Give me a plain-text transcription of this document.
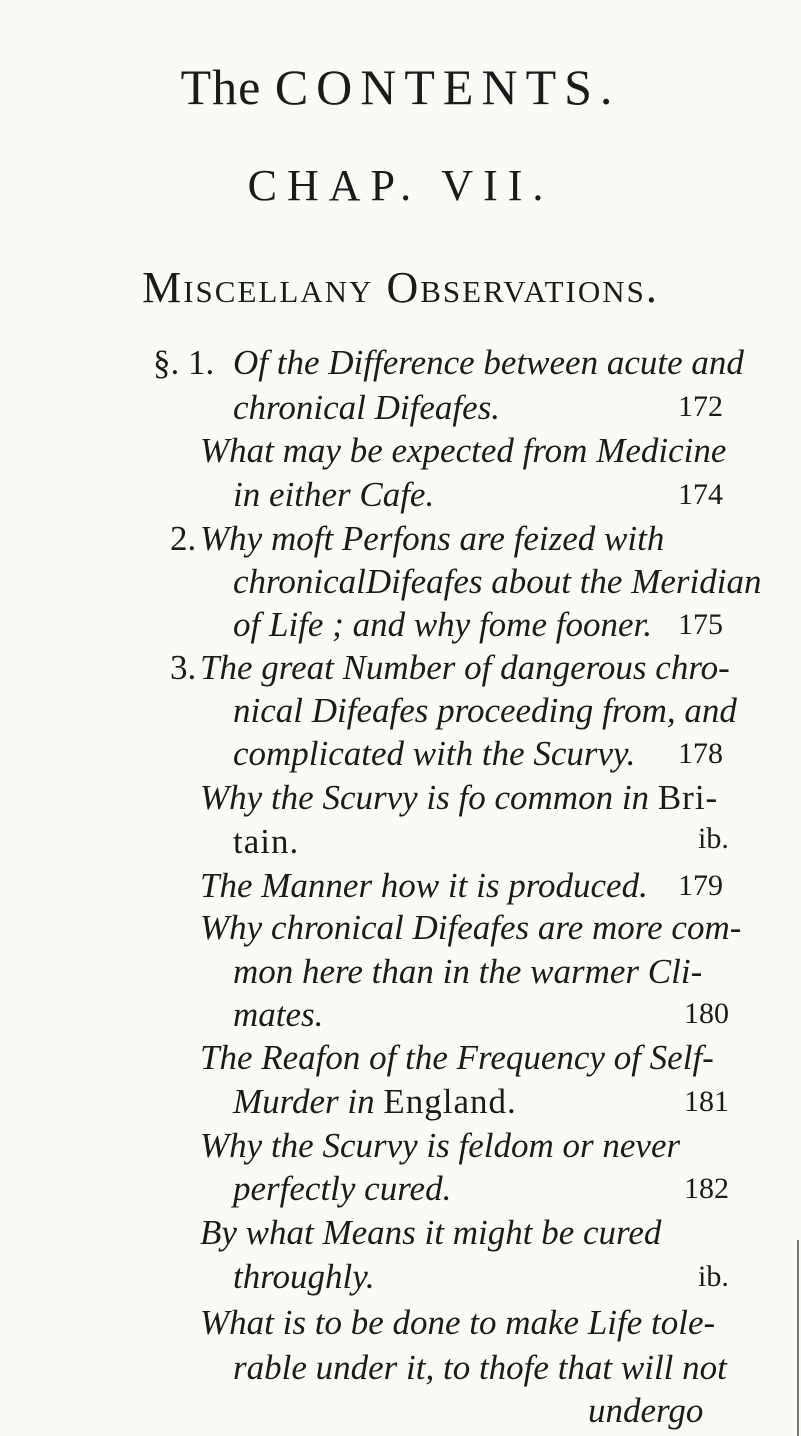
The CONTENTS.
CHAP. VII.
Miscellany Observations.
§. 1. Of the Difference between acute and
chronical Difeafes.	172
What may be expected from Medicine
in either Cafe.	174
2. Why moft Perfons are feized with
chronicalDifeafes about the Meridian
of Life ; and why fome fooner. 175
3. The great Number of dangerous chro-
nical Difeafes proceeding from, and
complicated with the Scurvy. 178
Why the Scurvy is fo common in Bri-
tain.	ib.
The Manner how it is produced. 179
Why chronical Difeafes are more com-
mon here than in the warmer Cli-
mates.	180
The Reafon of the Frequency of Self-
Murder in England.	181
Why the Scurvy is feldom or never
perfectly cured.	182
By what Means it might be cured
throughly.	ib.
What is to be done to make Life tole-
rable under it, to thofe that will not
undergo
